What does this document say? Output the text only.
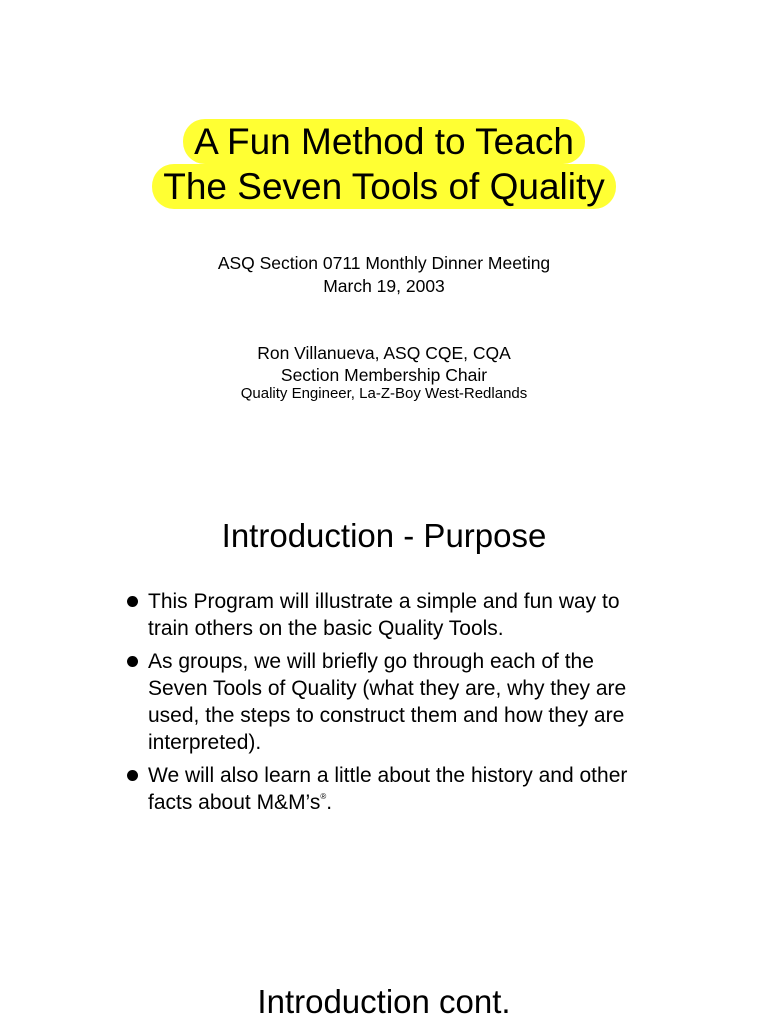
A Fun Method to Teach
The Seven Tools of Quality
ASQ Section 0711 Monthly Dinner Meeting
March 19, 2003
Ron Villanueva, ASQ CQE, CQA
Section Membership Chair
Quality Engineer, La-Z-Boy West-Redlands
Introduction - Purpose
This Program will illustrate a simple and fun way to train others on the basic Quality Tools.
As groups, we will briefly go through each of the Seven Tools of Quality (what they are, why they are used, the steps to construct them and how they are interpreted).
We will also learn a little about the history and other facts about M&M’s®.
Introduction cont.
